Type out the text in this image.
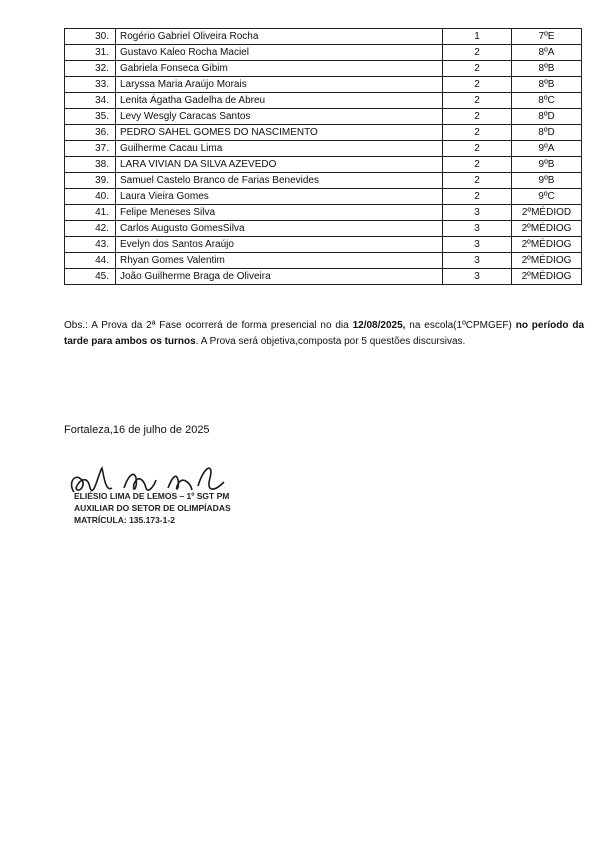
30.	Rogério Gabriel Oliveira Rocha	1	7ºE
31.	Gustavo Kaleo Rocha Maciel	2	8ºA
32.	Gabriela Fonseca Gibim	2	8ºB
33.	Laryssa Maria Araújo Morais	2	8ºB
34.	Lenita Ágatha Gadelha de Abreu	2	8ºC
35.	Levy Wesgly Caracas Santos	2	8ºD
36.	PEDRO SAHEL GOMES DO NASCIMENTO	2	8ºD
37.	Guilherme Cacau Lima	2	9ºA
38.	LARA VIVIAN DA SILVA AZEVEDO	2	9ºB
39.	Samuel Castelo Branco de Farias Benevides	2	9ºB
40.	Laura Vieira Gomes	2	9ºC
41.	Felipe Meneses Silva	3	2ºMÉDIOD
42.	Carlos Augusto GomesSilva	3	2ºMÉDIOG
43.	Evelyn dos Santos Araújo	3	2ºMÉDIOG
44.	Rhyan Gomes Valentim	3	2ºMÉDIOG
45.	João Guilherme Braga de Oliveira	3	2ºMÉDIOG
Obs.: A Prova da 2ª Fase ocorrerá de forma presencial no dia 12/08/2025, na escola(1ºCPMGEF) no período da tarde para ambos os turnos. A Prova será objetiva,composta por 5 questões discursivas.
Fortaleza,16 de julho de 2025
ELIÉSIO LIMA DE LEMOS – 1º SGT PM
AUXILIAR DO SETOR DE OLIMPÍADAS
MATRÍCULA: 135.173-1-2
